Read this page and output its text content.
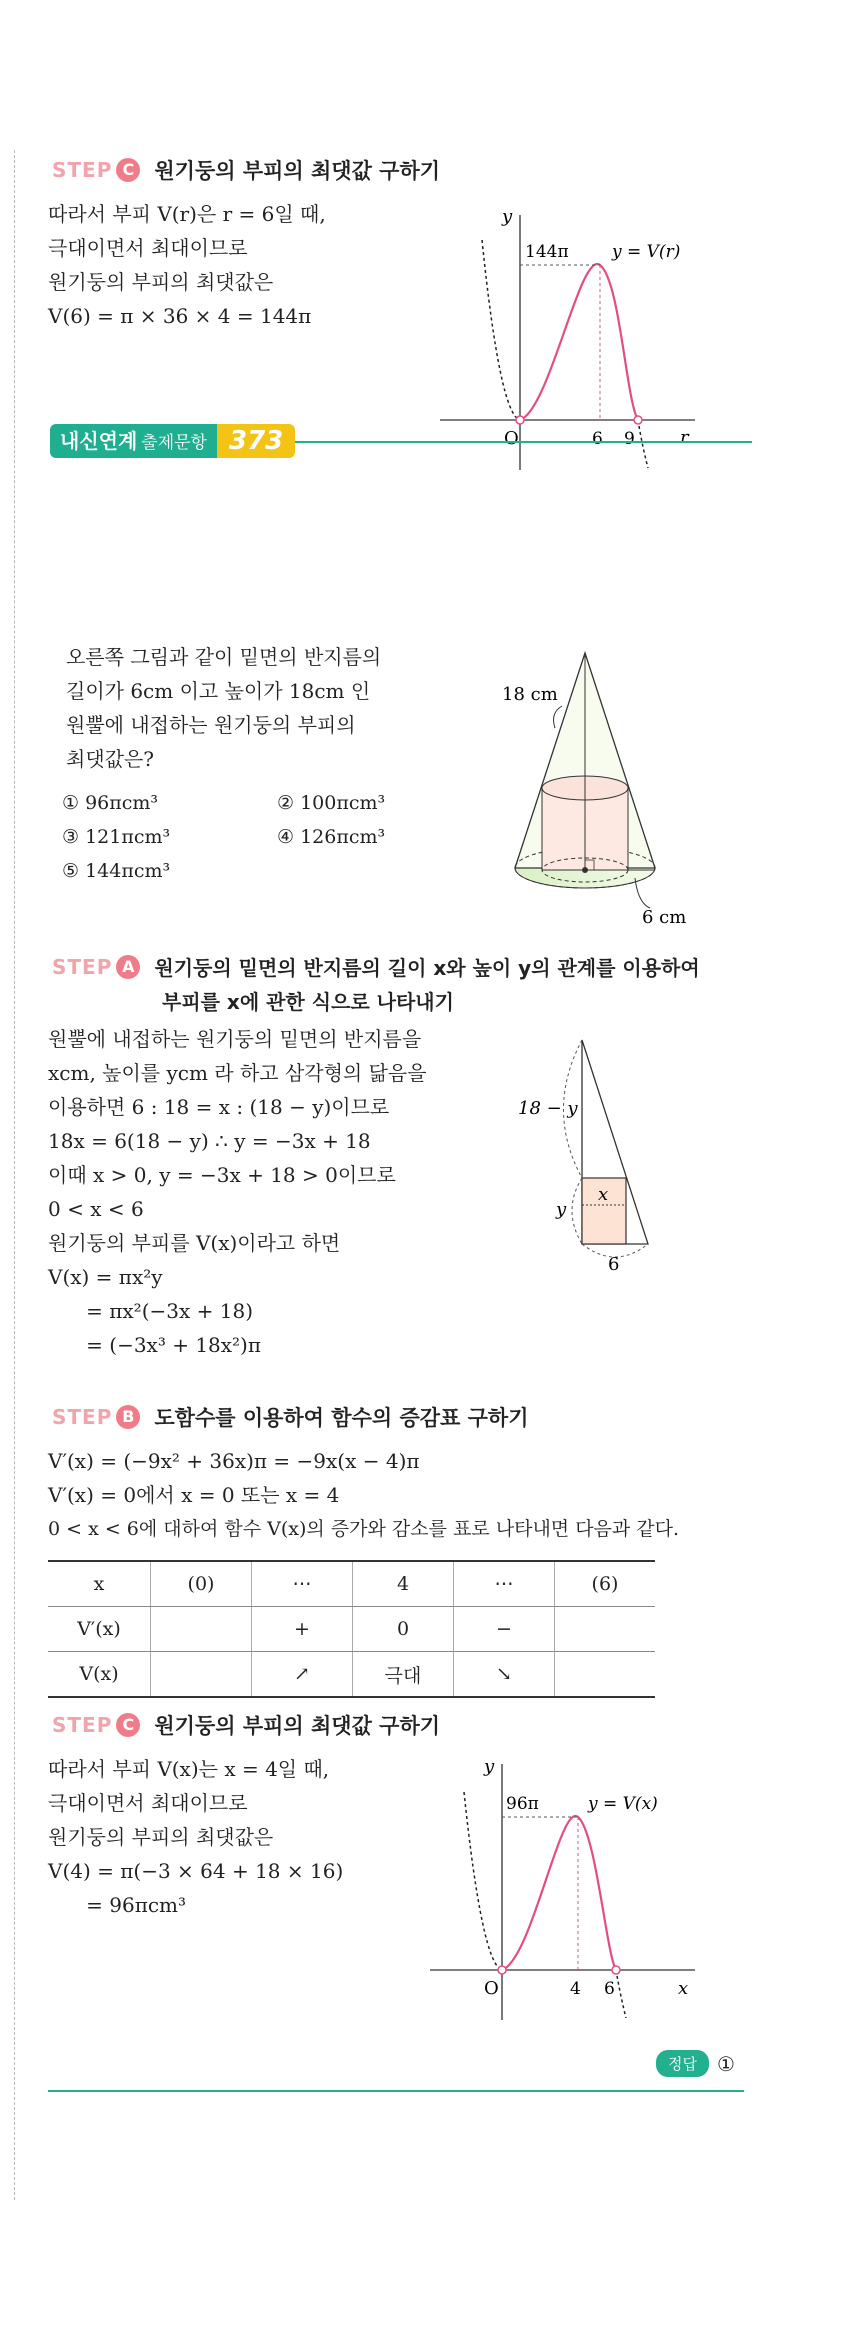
STEP C 원기둥의 부피의 최댓값 구하기
따라서 부피 V(r)은 r = 6일 때,
극대이면서 최대이므로
원기둥의 부피의 최댓값은
V(6) = π × 36 × 4 = 144π
y
r
O
144π	y = V(r)
6 9
내신연계 출제문항 373
오른쪽 그림과 같이 밑면의 반지름의
길이가 6cm 이고 높이가 18cm 인
원뿔에 내접하는 원기둥의 부피의
최댓값은?
① 96πcm³	② 100πcm³
③ 121πcm³	④ 126πcm³
⑤ 144πcm³
18 cm
6 cm
STEP A 원기둥의 밑면의 반지름의 길이 x와 높이 y의 관계를 이용하여
부피를 x에 관한 식으로 나타내기
원뿔에 내접하는 원기둥의 밑면의 반지름을
xcm, 높이를 ycm 라 하고 삼각형의 닮음을
이용하면 6 : 18 = x : (18 − y)이므로
18x = 6(18 − y) ∴ y = −3x + 18
이때 x > 0, y = −3x + 18 > 0이므로
0 < x < 6
원기둥의 부피를 V(x)이라고 하면
V(x) = πx²y
= πx²(−3x + 18)
= (−3x³ + 18x²)π
18 − y
x
y
6
STEP B 도함수를 이용하여 함수의 증감표 구하기
V′(x) = (−9x² + 36x)π = −9x(x − 4)π
V′(x) = 0에서 x = 0 또는 x = 4
0 < x < 6에 대하여 함수 V(x)의 증가와 감소를 표로 나타내면 다음과 같다.
x	(0)	⋯	4	⋯	(6)
V′(x)		+	0	−	
V(x)		↗	극대	↘	
STEP C 원기둥의 부피의 최댓값 구하기
따라서 부피 V(x)는 x = 4일 때,
극대이면서 최대이므로
원기둥의 부피의 최댓값은
V(4) = π(−3 × 64 + 18 × 16)
= 96πcm³
y
x
O
96π	y = V(x)
4 6
정답	①
